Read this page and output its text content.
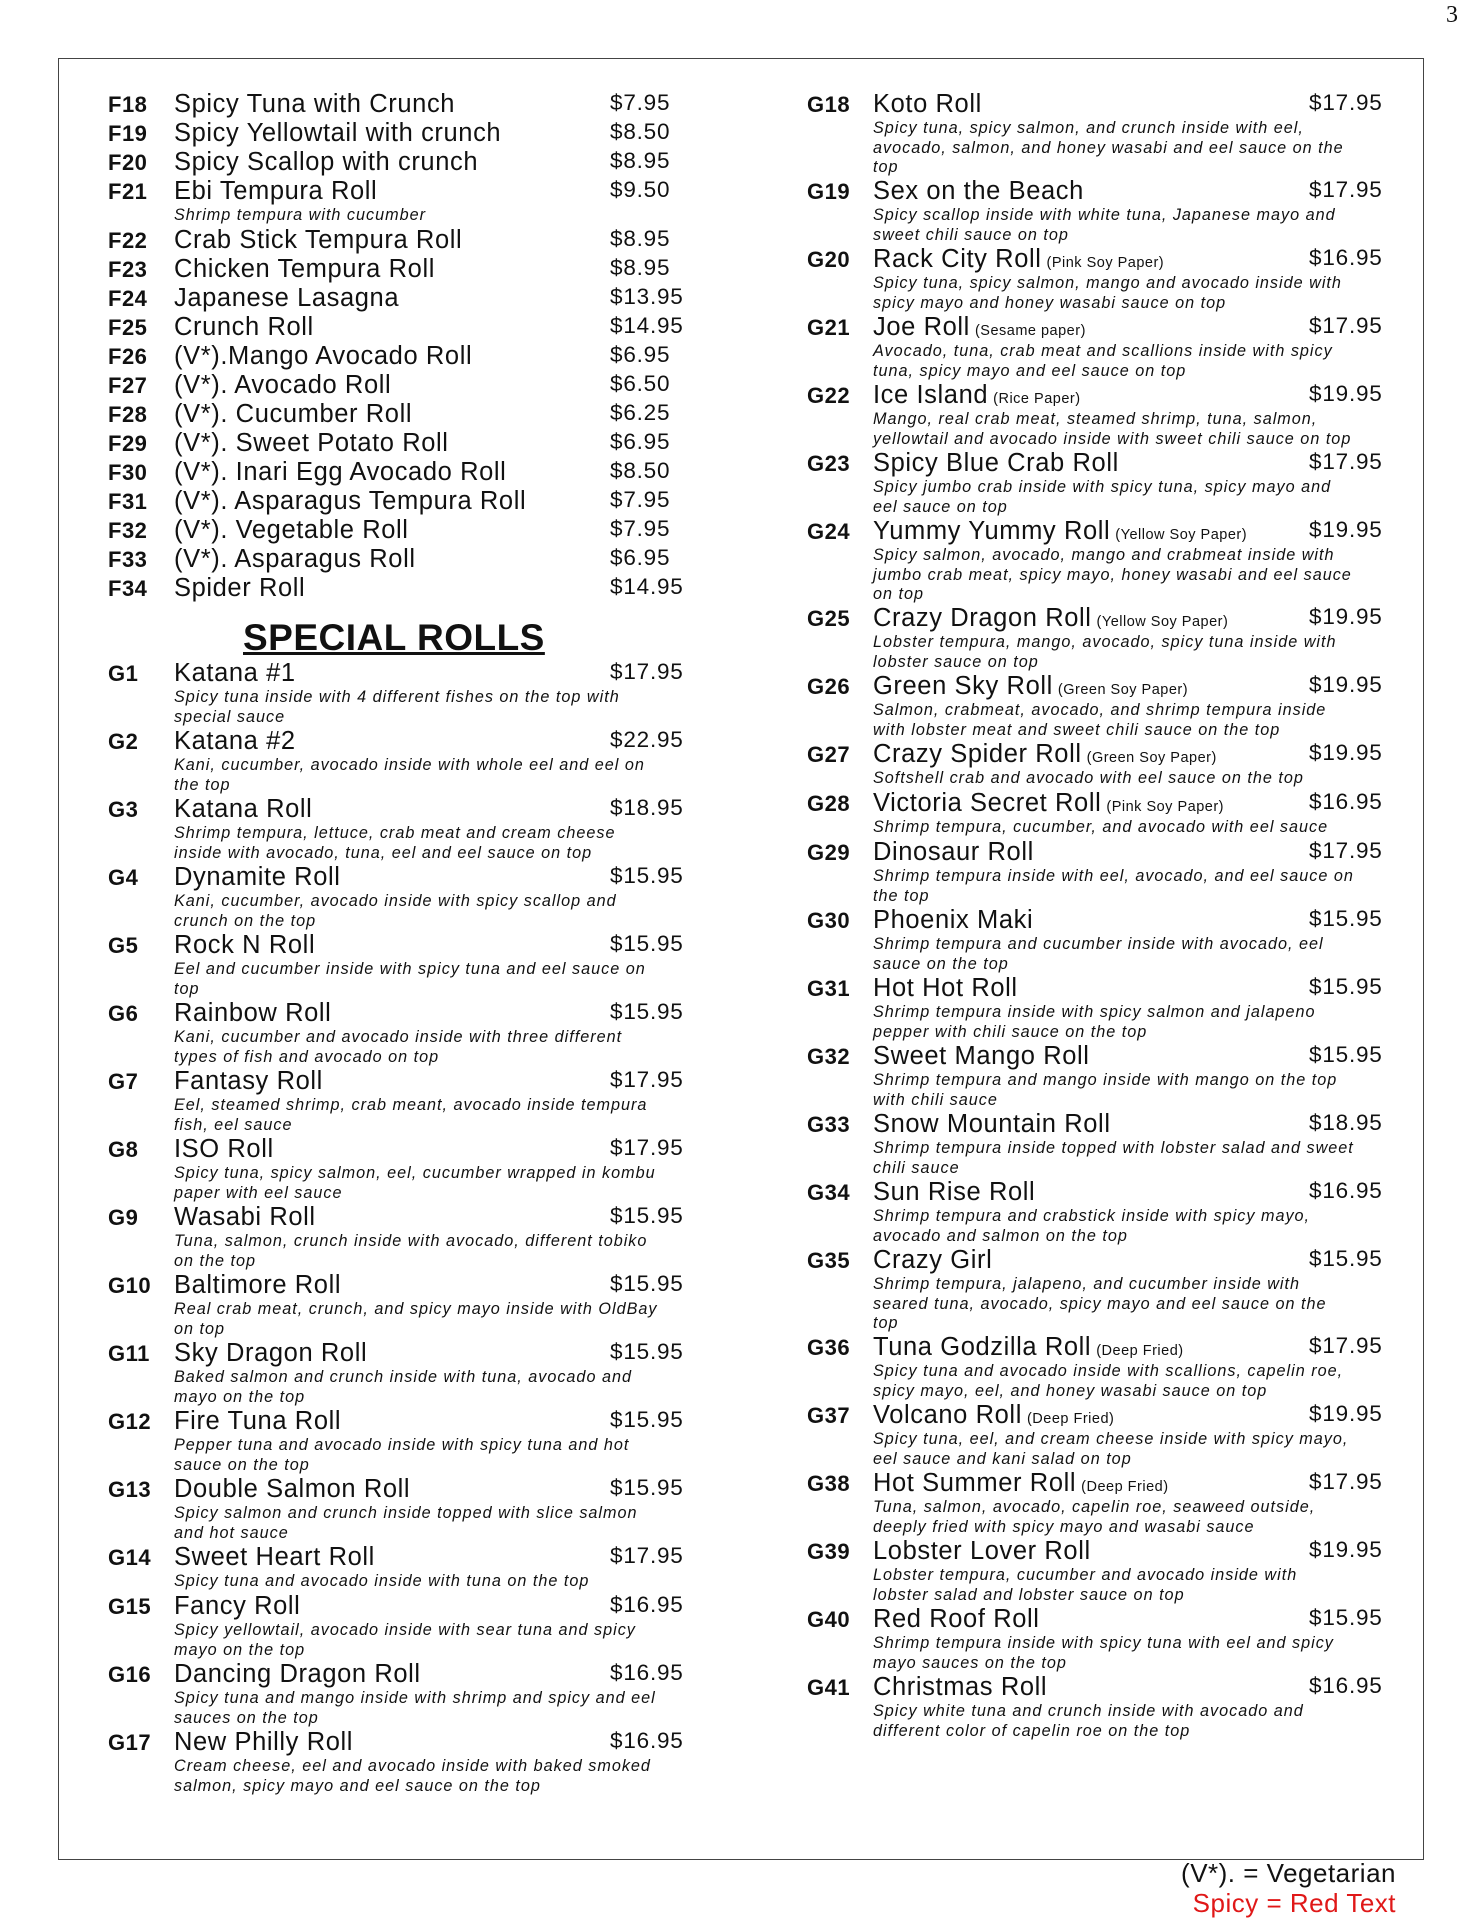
3
F18	Spicy Tuna with Crunch	$7.95
F19	Spicy Yellowtail with crunch	$8.50
F20	Spicy Scallop with crunch	$8.95
F21	Ebi Tempura Roll	$9.50
Shrimp tempura with cucumber
F22	Crab Stick Tempura Roll	$8.95
F23	Chicken Tempura Roll	$8.95
F24	Japanese Lasagna	$13.95
F25	Crunch Roll	$14.95
F26	(V*).Mango Avocado Roll	$6.95
F27	(V*). Avocado Roll	$6.50
F28	(V*). Cucumber Roll	$6.25
F29	(V*). Sweet Potato Roll	$6.95
F30	(V*). Inari Egg Avocado Roll	$8.50
F31	(V*). Asparagus Tempura Roll	$7.95
F32	(V*). Vegetable Roll	$7.95
F33	(V*). Asparagus Roll	$6.95
F34	Spider Roll	$14.95
SPECIAL ROLLS
G1	Katana #1	$17.95
Spicy tuna inside with 4 different fishes on the top with
special sauce
G2	Katana #2	$22.95
Kani, cucumber, avocado inside with whole eel and eel on
the top
G3	Katana Roll	$18.95
Shrimp tempura, lettuce, crab meat and cream cheese
inside with avocado, tuna, eel and eel sauce on top
G4	Dynamite Roll	$15.95
Kani, cucumber, avocado inside with spicy scallop and
crunch on the top
G5	Rock N Roll	$15.95
Eel and cucumber inside with spicy tuna and eel sauce on
top
G6	Rainbow Roll	$15.95
Kani, cucumber and avocado inside with three different
types of fish and avocado on top
G7	Fantasy Roll	$17.95
Eel, steamed shrimp, crab meant, avocado inside tempura
fish, eel sauce
G8	ISO Roll	$17.95
Spicy tuna, spicy salmon, eel, cucumber wrapped in kombu
paper with eel sauce
G9	Wasabi Roll	$15.95
Tuna, salmon, crunch inside with avocado, different tobiko
on the top
G10 Baltimore Roll	$15.95
Real crab meat, crunch, and spicy mayo inside with OldBay
on top
G11 Sky Dragon Roll	$15.95
Baked salmon and crunch inside with tuna, avocado and
mayo on the top
G12 Fire Tuna Roll	$15.95
Pepper tuna and avocado inside with spicy tuna and hot
sauce on the top
G13 Double Salmon Roll	$15.95
Spicy salmon and crunch inside topped with slice salmon
and hot sauce
G14 Sweet Heart Roll	$17.95
Spicy tuna and avocado inside with tuna on the top
G15 Fancy Roll	$16.95
Spicy yellowtail, avocado inside with sear tuna and spicy
mayo on the top
G16 Dancing Dragon Roll	$16.95
Spicy tuna and mango inside with shrimp and spicy and eel
sauces on the top
G17 New Philly Roll	$16.95
Cream cheese, eel and avocado inside with baked smoked
salmon, spicy mayo and eel sauce on the top
G18 Koto Roll	$17.95
Spicy tuna, spicy salmon, and crunch inside with eel,
avocado, salmon, and honey wasabi and eel sauce on the
top
G19 Sex on the Beach	$17.95
Spicy scallop inside with white tuna, Japanese mayo and
sweet chili sauce on top
G20 Rack City Roll (Pink Soy Paper)	$16.95
Spicy tuna, spicy salmon, mango and avocado inside with
spicy mayo and honey wasabi sauce on top
G21 Joe Roll (Sesame paper)	$17.95
Avocado, tuna, crab meat and scallions inside with spicy
tuna, spicy mayo and eel sauce on top
G22 Ice Island (Rice Paper)	$19.95
Mango, real crab meat, steamed shrimp, tuna, salmon,
yellowtail and avocado inside with sweet chili sauce on top
G23 Spicy Blue Crab Roll	$17.95
Spicy jumbo crab inside with spicy tuna, spicy mayo and
eel sauce on top
G24 Yummy Yummy Roll (Yellow Soy Paper)	$19.95
Spicy salmon, avocado, mango and crabmeat inside with
jumbo crab meat, spicy mayo, honey wasabi and eel sauce
on top
G25 Crazy Dragon Roll (Yellow Soy Paper)	$19.95
Lobster tempura, mango, avocado, spicy tuna inside with
lobster sauce on top
G26 Green Sky Roll (Green Soy Paper)	$19.95
Salmon, crabmeat, avocado, and shrimp tempura inside
with lobster meat and sweet chili sauce on the top
G27 Crazy Spider Roll (Green Soy Paper)	$19.95
Softshell crab and avocado with eel sauce on the top
G28 Victoria Secret Roll (Pink Soy Paper)	$16.95
Shrimp tempura, cucumber, and avocado with eel sauce
G29 Dinosaur Roll	$17.95
Shrimp tempura inside with eel, avocado, and eel sauce on
the top
G30 Phoenix Maki	$15.95
Shrimp tempura and cucumber inside with avocado, eel
sauce on the top
G31 Hot Hot Roll	$15.95
Shrimp tempura inside with spicy salmon and jalapeno
pepper with chili sauce on the top
G32 Sweet Mango Roll	$15.95
Shrimp tempura and mango inside with mango on the top
with chili sauce
G33 Snow Mountain Roll	$18.95
Shrimp tempura inside topped with lobster salad and sweet
chili sauce
G34 Sun Rise Roll	$16.95
Shrimp tempura and crabstick inside with spicy mayo,
avocado and salmon on the top
G35 Crazy Girl	$15.95
Shrimp tempura, jalapeno, and cucumber inside with
seared tuna, avocado, spicy mayo and eel sauce on the
top
G36 Tuna Godzilla Roll (Deep Fried)	$17.95
Spicy tuna and avocado inside with scallions, capelin roe,
spicy mayo, eel, and honey wasabi sauce on top
G37 Volcano Roll (Deep Fried)	$19.95
Spicy tuna, eel, and cream cheese inside with spicy mayo,
eel sauce and kani salad on top
G38 Hot Summer Roll (Deep Fried)	$17.95
Tuna, salmon, avocado, capelin roe, seaweed outside,
deeply fried with spicy mayo and wasabi sauce
G39 Lobster Lover Roll	$19.95
Lobster tempura, cucumber and avocado inside with
lobster salad and lobster sauce on top
G40 Red Roof Roll	$15.95
Shrimp tempura inside with spicy tuna with eel and spicy
mayo sauces on the top
G41 Christmas Roll	$16.95
Spicy white tuna and crunch inside with avocado and
different color of capelin roe on the top
(V*). = Vegetarian
Spicy = Red Text
